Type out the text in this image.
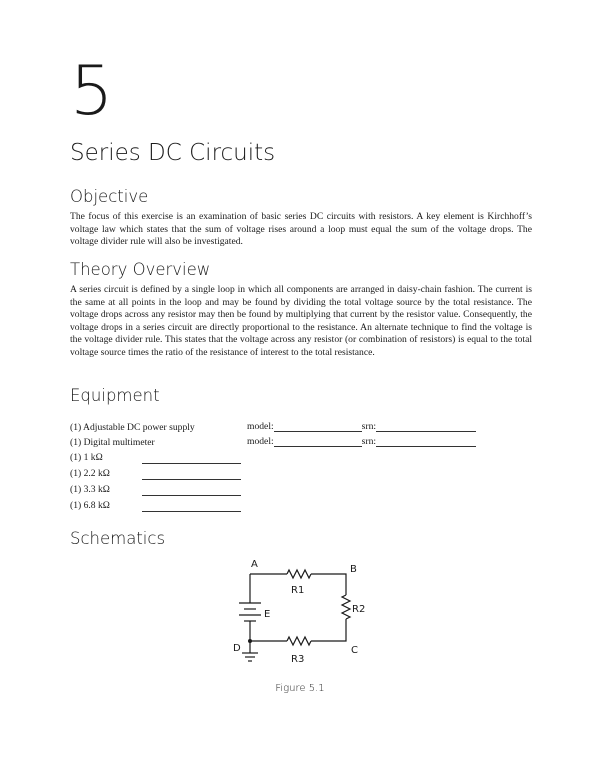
5
Series DC Circuits
Objective

The focus of this exercise is an examination of basic series DC circuits with resistors. A key element is Kirchhoff’s voltage law which states that the sum of voltage rises around a loop must equal the sum of the voltage drops. The voltage divider rule will also be investigated.

Theory Overview

A series circuit is defined by a single loop in which all components are arranged in daisy-chain fashion. The current is the same at all points in the loop and may be found by dividing the total voltage source by the total resistance. The voltage drops across any resistor may then be found by multiplying that current by the resistor value. Consequently, the voltage drops in a series circuit are directly proportional to the resistance. An alternate technique to find the voltage is the voltage divider rule. This states that the voltage across any resistor (or combination of resistors) is equal to the total voltage source times the ratio of the resistance of interest to the total resistance.

Equipment
(1) Adjustable DC power supply	model:	srn:
(1) Digital multimeter	model:	srn:
(1) 1 kΩ
(1) 2.2 kΩ
(1) 3.3 kΩ
(1) 6.8 kΩ
Schematics
A	B
C
D
R1
R2
R3
E
Figure 5.1
